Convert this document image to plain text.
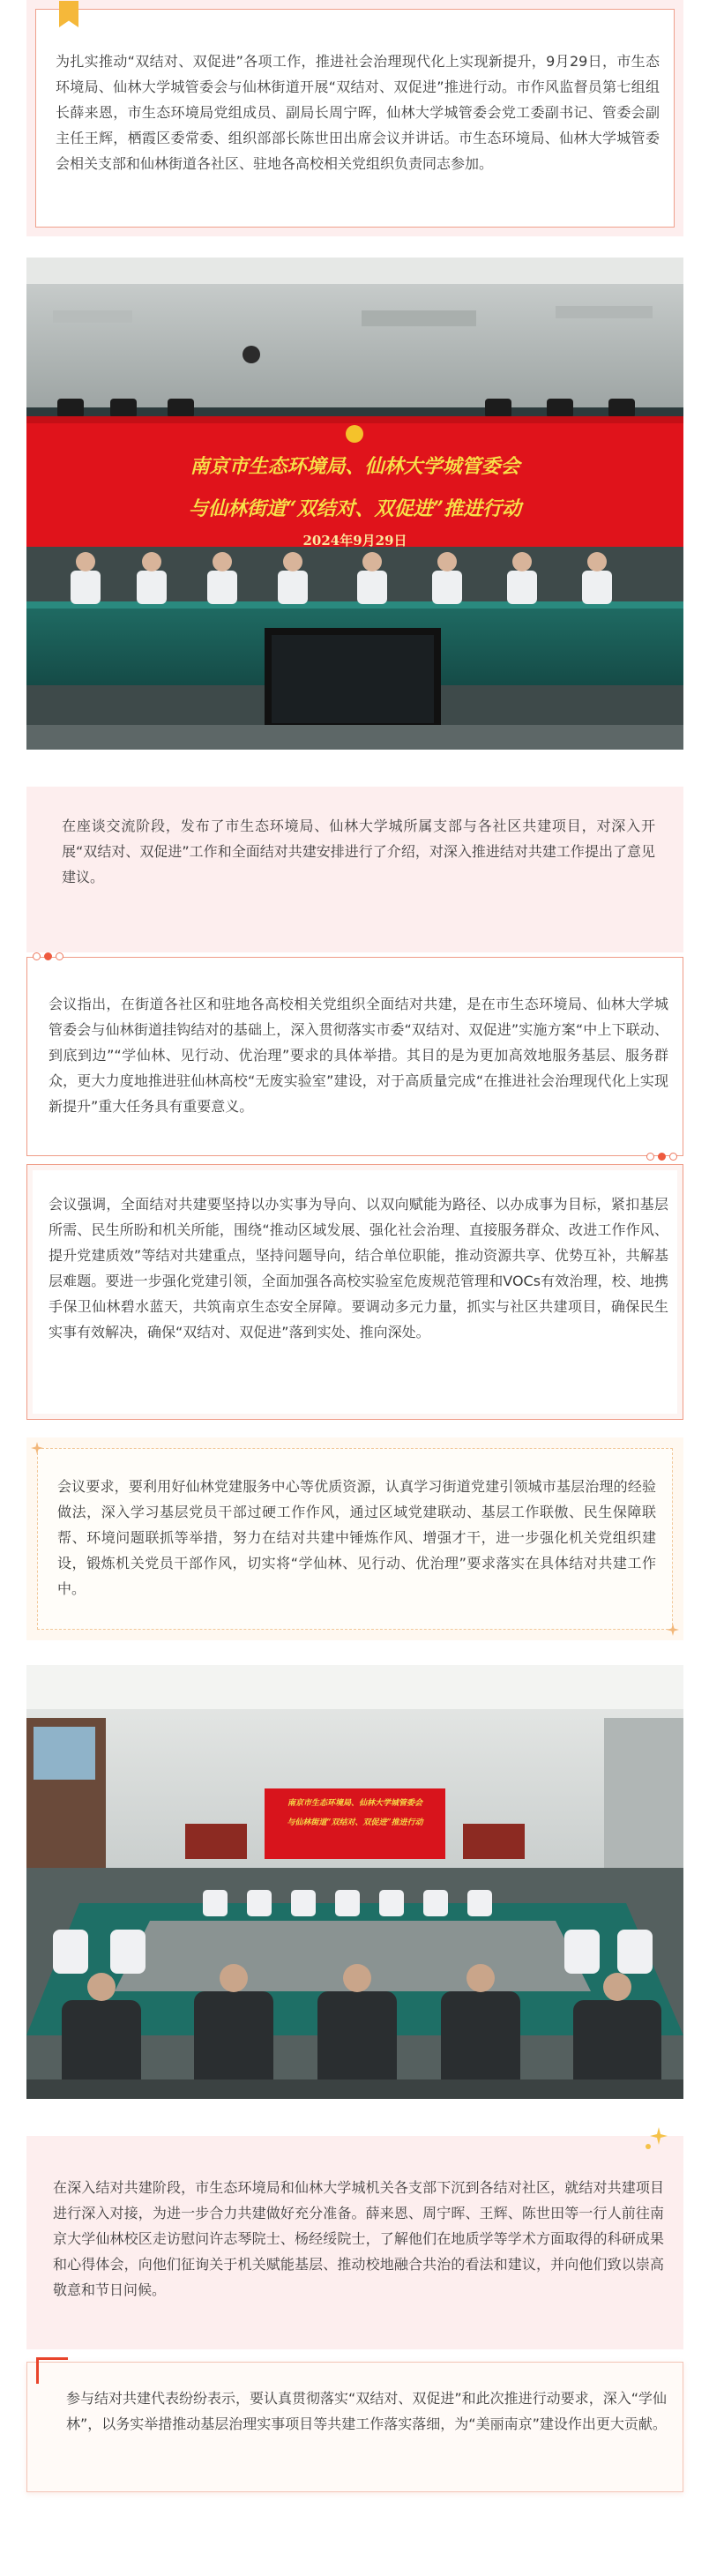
为扎实推动“双结对、双促进”各项工作，推进社会治理现代化上实现新提升，9月29日，市生态环境局、仙林大学城管委会与仙林街道开展“双结对、双促进”推进行动。市作风监督员第七组组长薛来恩，市生态环境局党组成员、副局长周宁晖，仙林大学城管委会党工委副书记、管委会副主任王辉，栖霞区委常委、组织部部长陈世田出席会议并讲话。市生态环境局、仙林大学城管委会相关支部和仙林街道各社区、驻地各高校相关党组织负责同志参加。

南京市生态环境局、仙林大学城管委会
与仙林街道“双结对、双促进”推进行动
2024年9月29日

在座谈交流阶段，发布了市生态环境局、仙林大学城所属支部与各社区共建项目，对深入开展“双结对、双促进”工作和全面结对共建安排进行了介绍，对深入推进结对共建工作提出了意见建议。

会议指出，在街道各社区和驻地各高校相关党组织全面结对共建，是在市生态环境局、仙林大学城管委会与仙林街道挂钩结对的基础上，深入贯彻落实市委“双结对、双促进”实施方案“中上下联动、到底到边”“学仙林、见行动、优治理”要求的具体举措。其目的是为更加高效地服务基层、服务群众，更大力度地推进驻仙林高校“无废实验室”建设，对于高质量完成“在推进社会治理现代化上实现新提升”重大任务具有重要意义。

会议强调，全面结对共建要坚持以办实事为导向、以双向赋能为路径、以办成事为目标，紧扣基层所需、民生所盼和机关所能，围绕“推动区域发展、强化社会治理、直接服务群众、改进工作作风、提升党建质效”等结对共建重点，坚持问题导向，结合单位职能，推动资源共享、优势互补，共解基层难题。要进一步强化党建引领，全面加强各高校实验室危废规范管理和VOCs有效治理，校、地携手保卫仙林碧水蓝天，共筑南京生态安全屏障。要调动多元力量，抓实与社区共建项目，确保民生实事有效解决，确保“双结对、双促进”落到实处、推向深处。

会议要求，要利用好仙林党建服务中心等优质资源，认真学习街道党建引领城市基层治理的经验做法，深入学习基层党员干部过硬工作作风，通过区域党建联动、基层工作联傲、民生保障联帮、环境问题联抓等举措，努力在结对共建中锤炼作风、增强才干，进一步强化机关党组织建设，锻炼机关党员干部作风，切实将“学仙林、见行动、优治理”要求落实在具体结对共建工作中。

南京市生态环境局、仙林大学城管委会
与仙林街道“双结对、双促进”推进行动

在深入结对共建阶段，市生态环境局和仙林大学城机关各支部下沉到各结对社区，就结对共建项目进行深入对接，为进一步合力共建做好充分准备。薛来恩、周宁晖、王辉、陈世田等一行人前往南京大学仙林校区走访慰问许志琴院士、杨经绥院士，了解他们在地质学等学术方面取得的科研成果和心得体会，向他们征询关于机关赋能基层、推动校地融合共治的看法和建议，并向他们致以崇高敬意和节日问候。

参与结对共建代表纷纷表示，要认真贯彻落实“双结对、双促进”和此次推进行动要求，深入“学仙林”，以务实举措推动基层治理实事项目等共建工作落实落细，为“美丽南京”建设作出更大贡献。
